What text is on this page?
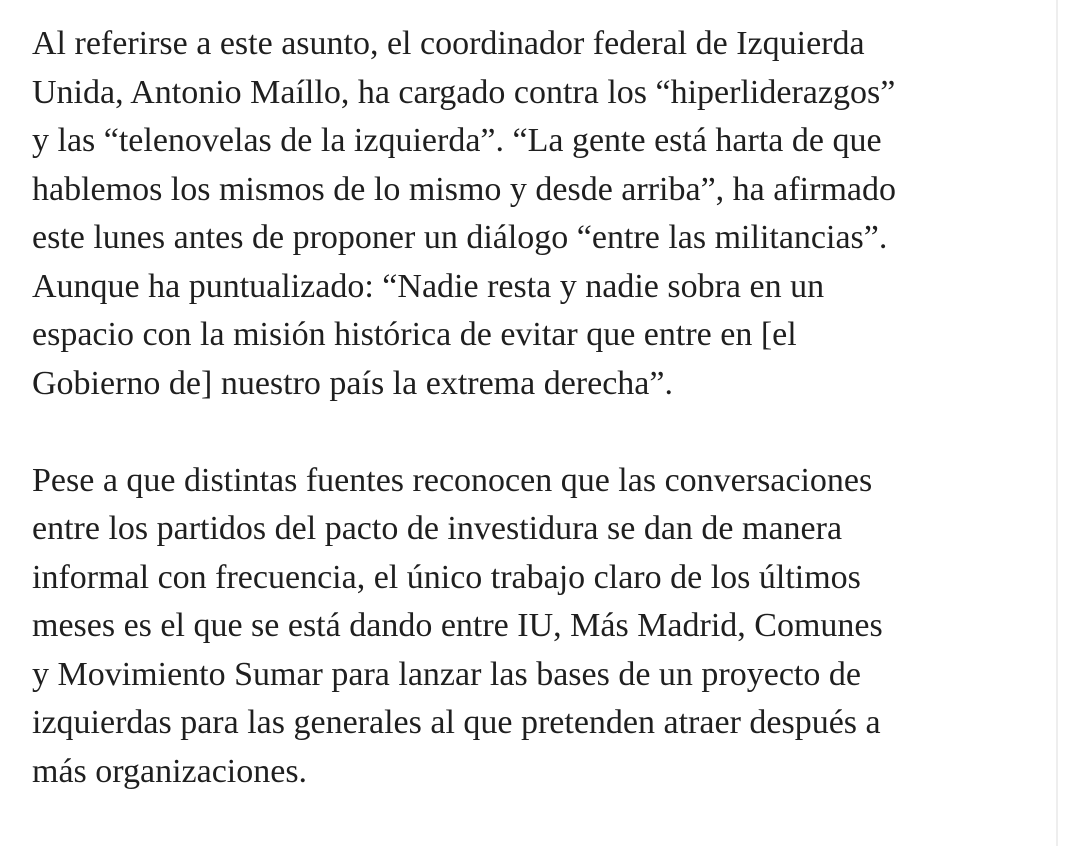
Al referirse a este asunto, el coordinador federal de Izquierda
Unida, Antonio Maíllo, ha cargado contra los “hiperliderazgos”
y las “telenovelas de la izquierda”. “La gente está harta de que
hablemos los mismos de lo mismo y desde arriba”, ha afirmado
este lunes antes de proponer un diálogo “entre las militancias”.
Aunque ha puntualizado: “Nadie resta y nadie sobra en un
espacio con la misión histórica de evitar que entre en [el
Gobierno de] nuestro país la extrema derecha”.

Pese a que distintas fuentes reconocen que las conversaciones
entre los partidos del pacto de investidura se dan de manera
informal con frecuencia, el único trabajo claro de los últimos
meses es el que se está dando entre IU, Más Madrid, Comunes
y Movimiento Sumar para lanzar las bases de un proyecto de
izquierdas para las generales al que pretenden atraer después a
más organizaciones.
